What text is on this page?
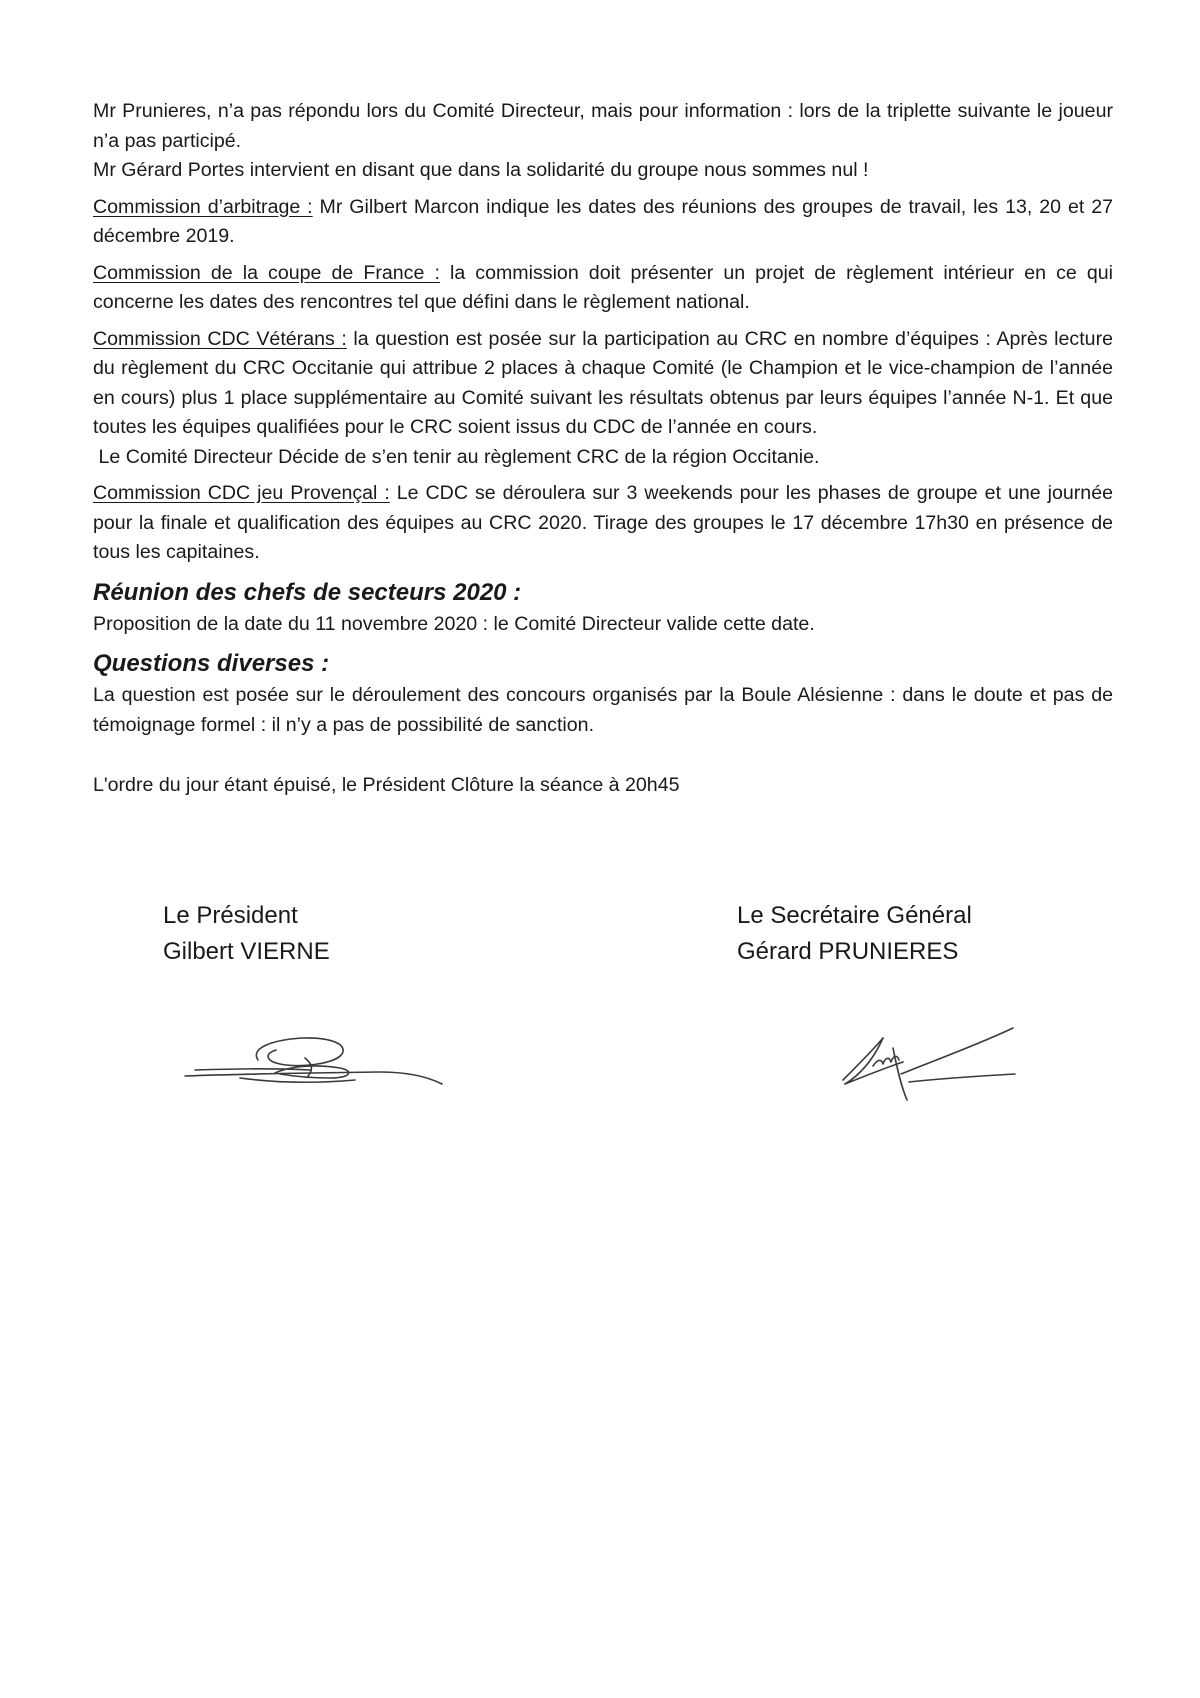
Mr Prunieres, n’a pas répondu lors du Comité Directeur, mais pour information : lors de la triplette suivante le joueur n’a pas participé.
Mr Gérard Portes intervient en disant que dans la solidarité du groupe nous sommes nul !
Commission d’arbitrage : Mr Gilbert Marcon indique les dates des réunions des groupes de travail, les 13, 20 et 27 décembre 2019.
Commission de la coupe de France : la commission doit présenter un projet de règlement intérieur en ce qui concerne les dates des rencontres tel que défini dans le règlement national.
Commission CDC Vétérans : la question est posée sur la participation au CRC en nombre d’équipes : Après lecture du règlement du CRC Occitanie qui attribue 2 places à chaque Comité (le Champion et le vice-champion de l’année en cours) plus 1 place supplémentaire au Comité suivant les résultats obtenus par leurs équipes l’année N-1. Et que toutes les équipes qualifiées pour le CRC soient issus du CDC de l’année en cours.
Le Comité Directeur Décide de s’en tenir au règlement CRC de la région Occitanie.
Commission CDC jeu Provençal : Le CDC se déroulera sur 3 weekends pour les phases de groupe et une journée pour la finale et qualification des équipes au CRC 2020. Tirage des groupes le 17 décembre 17h30 en présence de tous les capitaines.
Réunion des chefs de secteurs 2020 :
Proposition de la date du 11 novembre 2020 : le Comité Directeur valide cette date.
Questions diverses :
La question est posée sur le déroulement des concours organisés par la Boule Alésienne : dans le doute et pas de témoignage formel : il n’y a pas de possibilité de sanction.
L'ordre du jour étant épuisé, le Président Clôture la séance à 20h45
Le Président
Gilbert VIERNE
Le Secrétaire Général
Gérard PRUNIERES
